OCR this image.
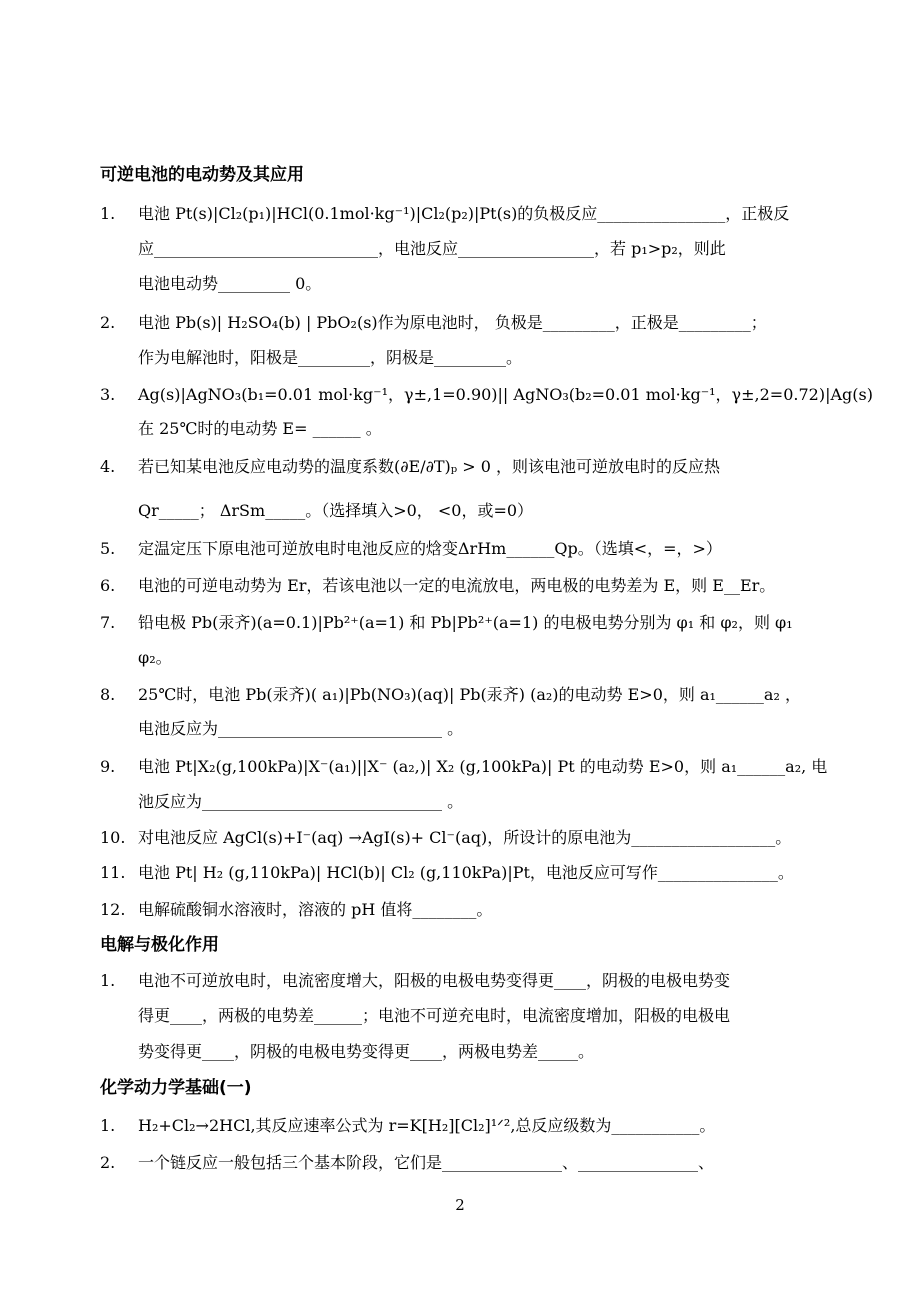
可逆电池的电动势及其应用
1. 电池 Pt(s)|Cl₂(p₁)|HCl(0.1mol·kg⁻¹)|Cl₂(p₂)|Pt(s)的负极反应________________，正极反
应____________________________，电池反应_________________，若 p₁>p₂，则此
电池电动势_________ 0。
2. 电池 Pb(s)| H₂SO₄(b) | PbO₂(s)作为原电池时， 负极是_________，正极是_________；
作为电解池时，阳极是_________，阴极是_________。
3. Ag(s)|AgNO₃(b₁=0.01 mol·kg⁻¹，γ±,1=0.90)|| AgNO₃(b₂=0.01 mol·kg⁻¹，γ±,2=0.72)|Ag(s)
在 25℃时的电动势 E= ______ 。
4. 若已知某电池反应电动势的温度系数(∂E/∂T)ₚ > 0 ，则该电池可逆放电时的反应热
Qr_____； ΔrSm_____。（选择填入>0， <0，或=0）
5. 定温定压下原电池可逆放电时电池反应的焓变ΔrHm______Qp。（选填<，=，>）
6. 电池的可逆电动势为 Er，若该电池以一定的电流放电，两电极的电势差为 E，则 E__Er。
7. 铅电极 Pb(汞齐)(a=0.1)|Pb²⁺(a=1) 和 Pb|Pb²⁺(a=1) 的电极电势分别为 φ₁ 和 φ₂，则 φ₁
φ₂。
8. 25℃时，电池 Pb(汞齐)( a₁)|Pb(NO₃)(aq)| Pb(汞齐) (a₂)的电动势 E>0，则 a₁______a₂ ，
电池反应为____________________________ 。
9. 电池 Pt|X₂(g,100kPa)|X⁻(a₁)||X⁻ (a₂,)| X₂ (g,100kPa)| Pt 的电动势 E>0，则 a₁______a₂, 电
池反应为______________________________ 。
10. 对电池反应 AgCl(s)+I⁻(aq) →AgI(s)+ Cl⁻(aq)，所设计的原电池为__________________。
11. 电池 Pt| H₂ (g,110kPa)| HCl(b)| Cl₂ (g,110kPa)|Pt，电池反应可写作_______________。
12. 电解硫酸铜水溶液时，溶液的 pH 值将________。
电解与极化作用
1. 电池不可逆放电时，电流密度增大，阳极的电极电势变得更____，阴极的电极电势变
得更____，两极的电势差______；电池不可逆充电时，电流密度增加，阳极的电极电
势变得更____，阴极的电极电势变得更____，两极电势差_____。
化学动力学基础(一)
1. H₂+Cl₂→2HCl,其反应速率公式为 r=K[H₂][Cl₂]¹ᐟ²,总反应级数为___________。
2. 一个链反应一般包括三个基本阶段，它们是_______________、_______________、
2
